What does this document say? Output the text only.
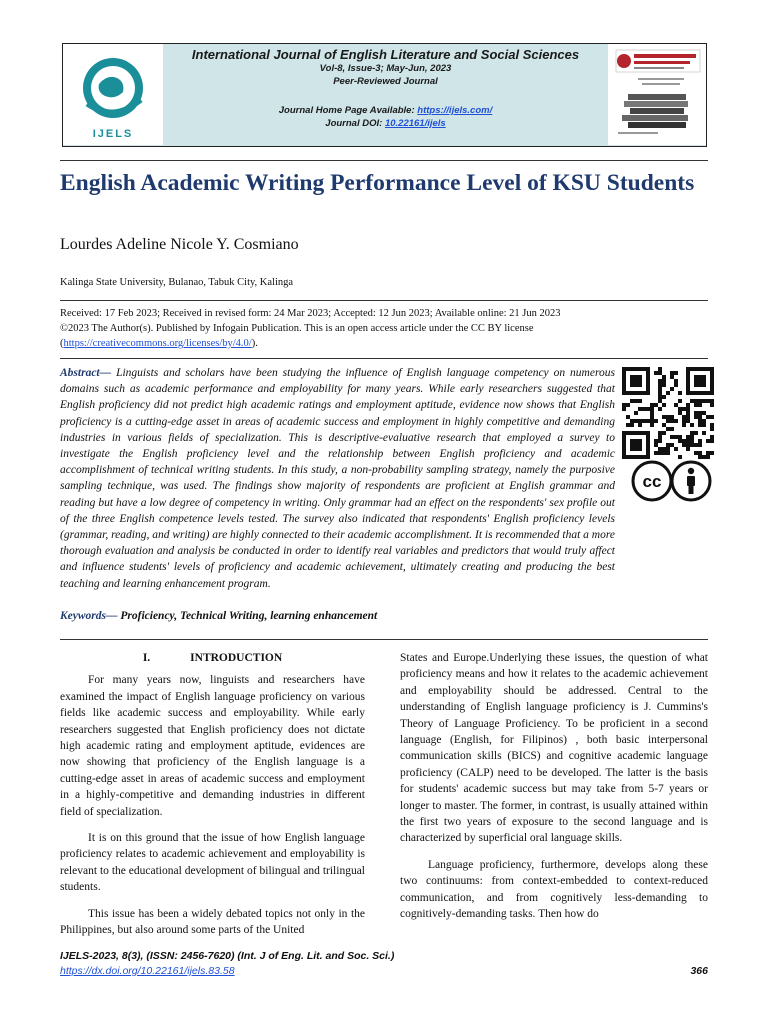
IJELS
International Journal of English Literature and Social Sciences
Vol-8, Issue-3; May-Jun, 2023
Peer-Reviewed Journal
Journal Home Page Available: https://ijels.com/
Journal DOI: 10.22161/ijels
English Academic Writing Performance Level of KSU Students
Lourdes Adeline Nicole Y. Cosmiano
Kalinga State University, Bulanao, Tabuk City, Kalinga
Received: 17 Feb 2023; Received in revised form: 24 Mar 2023; Accepted: 12 Jun 2023; Available online: 21 Jun 2023
©2023 The Author(s). Published by Infogain Publication. This is an open access article under the CC BY license
(https://creativecommons.org/licenses/by/4.0/).
Abstract— Linguists and scholars have been studying the influence of English language competency on numerous domains such as academic performance and employability for many years. While early researchers suggested that English proficiency did not predict high academic ratings and employment aptitude, evidence now shows that English proficiency is a cutting-edge asset in areas of academic success and employment in highly competitive and demanding industries in various fields of specialization. This is descriptive-evaluative research that employed a survey to investigate the English proficiency level and the relationship between English proficiency and academic accomplishment of technical writing students. In this study, a non-probability sampling strategy, namely the purposive sampling technique, was used. The findings show majority of respondents are proficient at English grammar and reading but have a low degree of competency in writing. Only grammar had an effect on the respondents' sex profile out of the three English competence levels tested. The survey also indicated that respondents' English proficiency levels (grammar, reading, and writing) are highly connected to their academic accomplishment. It is recommended that a more thorough evaluation and analysis be conducted in order to identify real variables and predictors that would truly affect and influence students' levels of proficiency and academic achievement, ultimately creating and producing the best teaching and learning enhancement program.
cc
Keywords— Proficiency, Technical Writing, learning enhancement
I.	INTRODUCTION

For many years now, linguists and researchers have examined the impact of English language proficiency on various fields like academic success and employability. While early researchers suggested that English proficiency does not dictate high academic rating and employment aptitude, evidences are now showing that proficiency of the English language is a cutting-edge asset in areas of academic success and employment in a highly-competitive and demanding industries in different field of specialization.

It is on this ground that the issue of how English language proficiency relates to academic achievement and employability is relevant to the educational development of bilingual and trilingual students.

This issue has been a widely debated topics not only in the Philippines, but also around some parts of the United

States and Europe.Underlying these issues, the question of what proficiency means and how it relates to the academic achievement and employability should be addressed. Central to the understanding of English language proficiency is J. Cummins's Theory of Language Proficiency. To be proficient in a second language (English, for Filipinos) , both basic interpersonal communication skills (BICS) and cognitive academic language proficiency (CALP) need to be developed. The latter is the basis for students' academic success but may take from 5-7 years or longer to master. The former, in contrast, is usually attained within the first two years of exposure to the second language and is characterized by superficial oral language skills.

Language proficiency, furthermore, develops along these two continuums: from context-embedded to context-reduced communication, and from cognitively less-demanding to cognitively-demanding tasks. Then how do

IJELS-2023, 8(3), (ISSN: 2456-7620) (Int. J of Eng. Lit. and Soc. Sci.)
https://dx.doi.org/10.22161/ijels.83.58	366
